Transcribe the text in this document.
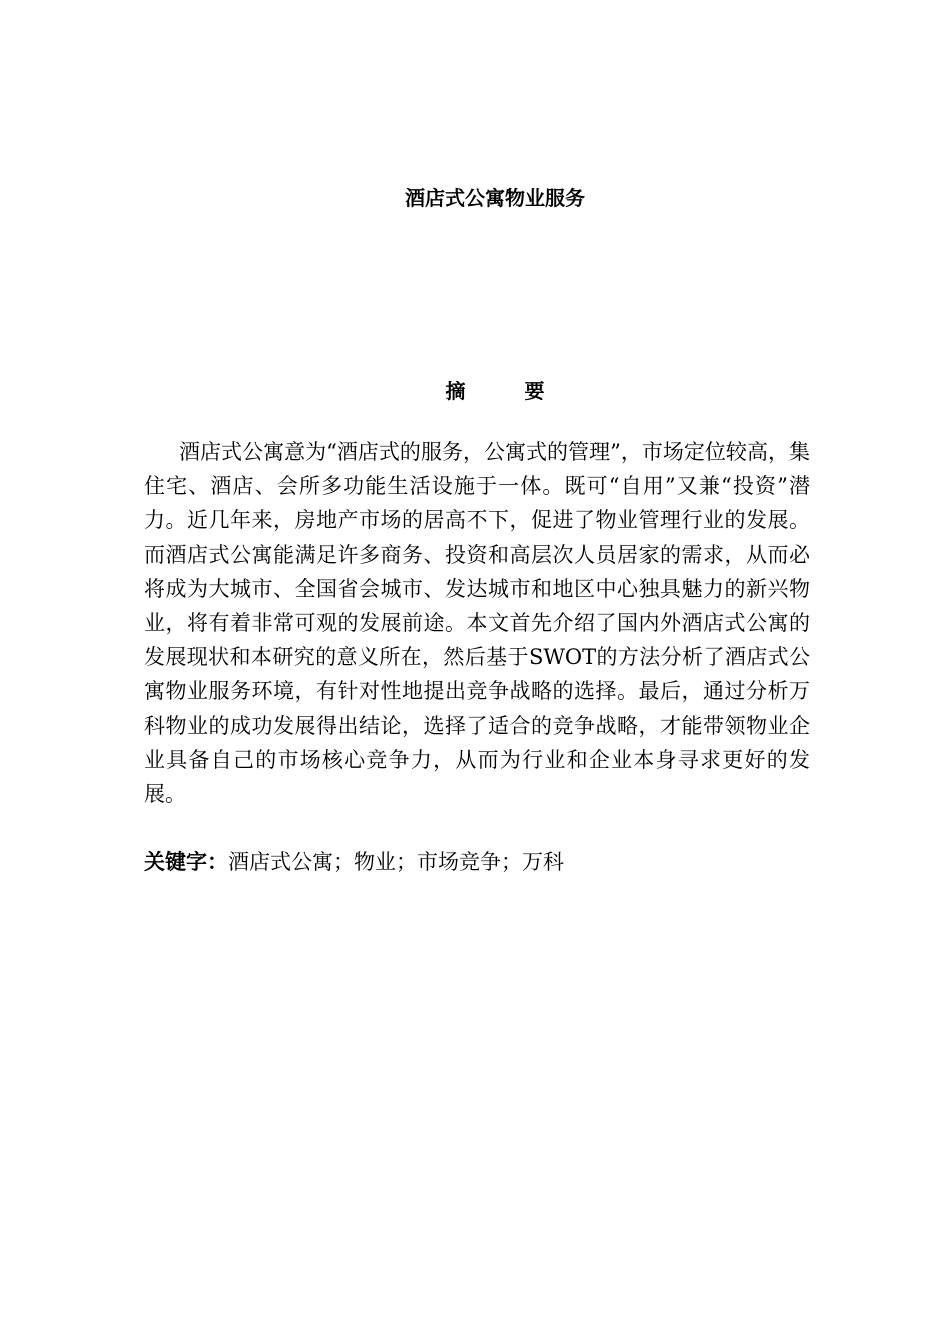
酒店式公寓物业服务
摘 要

酒店式公寓意为“酒店式的服务，公寓式的管理”，市场定位较高，集住宅、酒店、会所多功能生活设施于一体。既可“自用”又兼“投资”潜力。近几年来，房地产市场的居高不下，促进了物业管理行业的发展。而酒店式公寓能满足许多商务、投资和高层次人员居家的需求，从而必将成为大城市、全国省会城市、发达城市和地区中心独具魅力的新兴物业，将有着非常可观的发展前途。本文首先介绍了国内外酒店式公寓的发展现状和本研究的意义所在，然后基于SWOT的方法分析了酒店式公寓物业服务环境，有针对性地提出竞争战略的选择。最后，通过分析万科物业的成功发展得出结论，选择了适合的竞争战略，才能带领物业企业具备自己的市场核心竞争力，从而为行业和企业本身寻求更好的发展。

关键字：酒店式公寓；物业；市场竞争；万科
